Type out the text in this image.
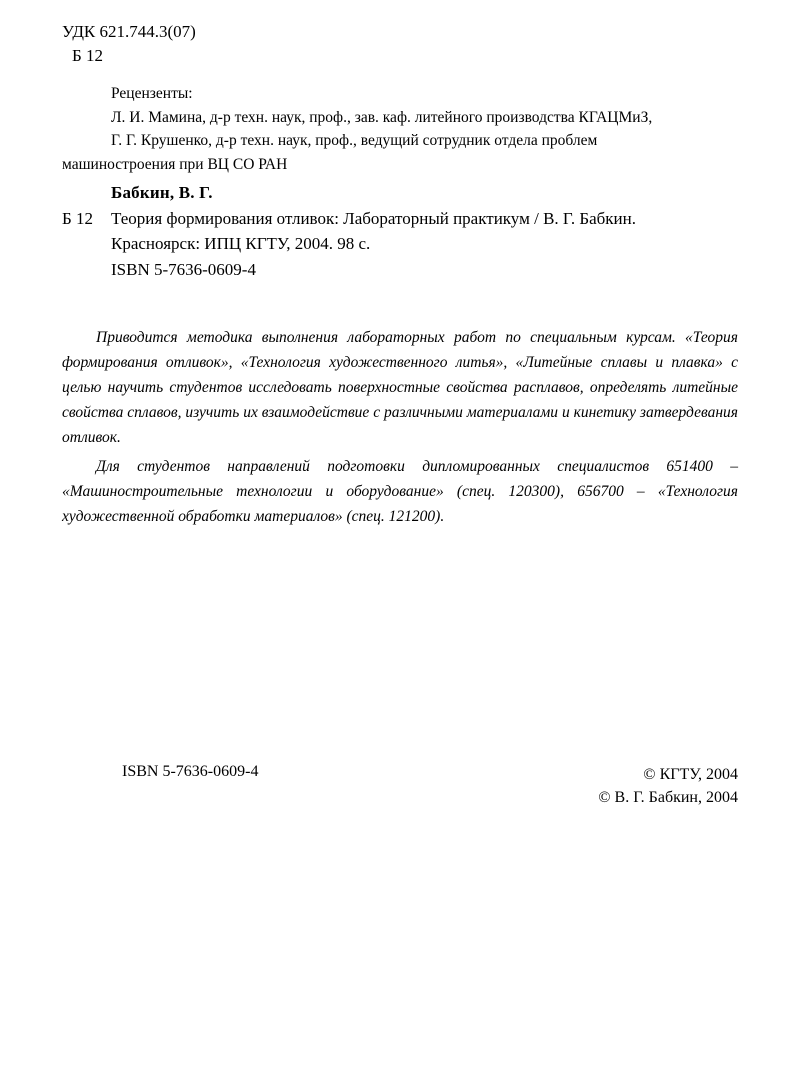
УДК 621.744.3(07)
Б 12
Рецензенты:
Л. И. Мамина, д-р техн. наук, проф., зав. каф. литейного производства КГАЦМиЗ,
Г. Г. Крушенко, д-р техн. наук, проф., ведущий сотрудник отдела проблем
машиностроения при ВЦ СО РАН
Бабкин, В. Г.
Б 12	Теория формирования отливок: Лабораторный практикум / В. Г. Бабкин.
Красноярск: ИПЦ КГТУ, 2004. 98 с.
ISBN 5-7636-0609-4

Приводится методика выполнения лабораторных работ по специальным курсам. «Теория формирования отливок», «Технология художественного литья», «Литейные сплавы и плавка» с целью научить студентов исследовать поверхностные свойства расплавов, определять литейные свойства сплавов, изучить их взаимодействие с различными материалами и кинетику затвердевания отливок.

Для студентов направлений подготовки дипломированных специалистов 651400 – «Машиностроительные технологии и оборудование» (спец. 120300), 656700 – «Технология художественной обработки материалов» (спец. 121200).

ISBN 5-7636-0609-4	© КГТУ, 2004
© В. Г. Бабкин, 2004
